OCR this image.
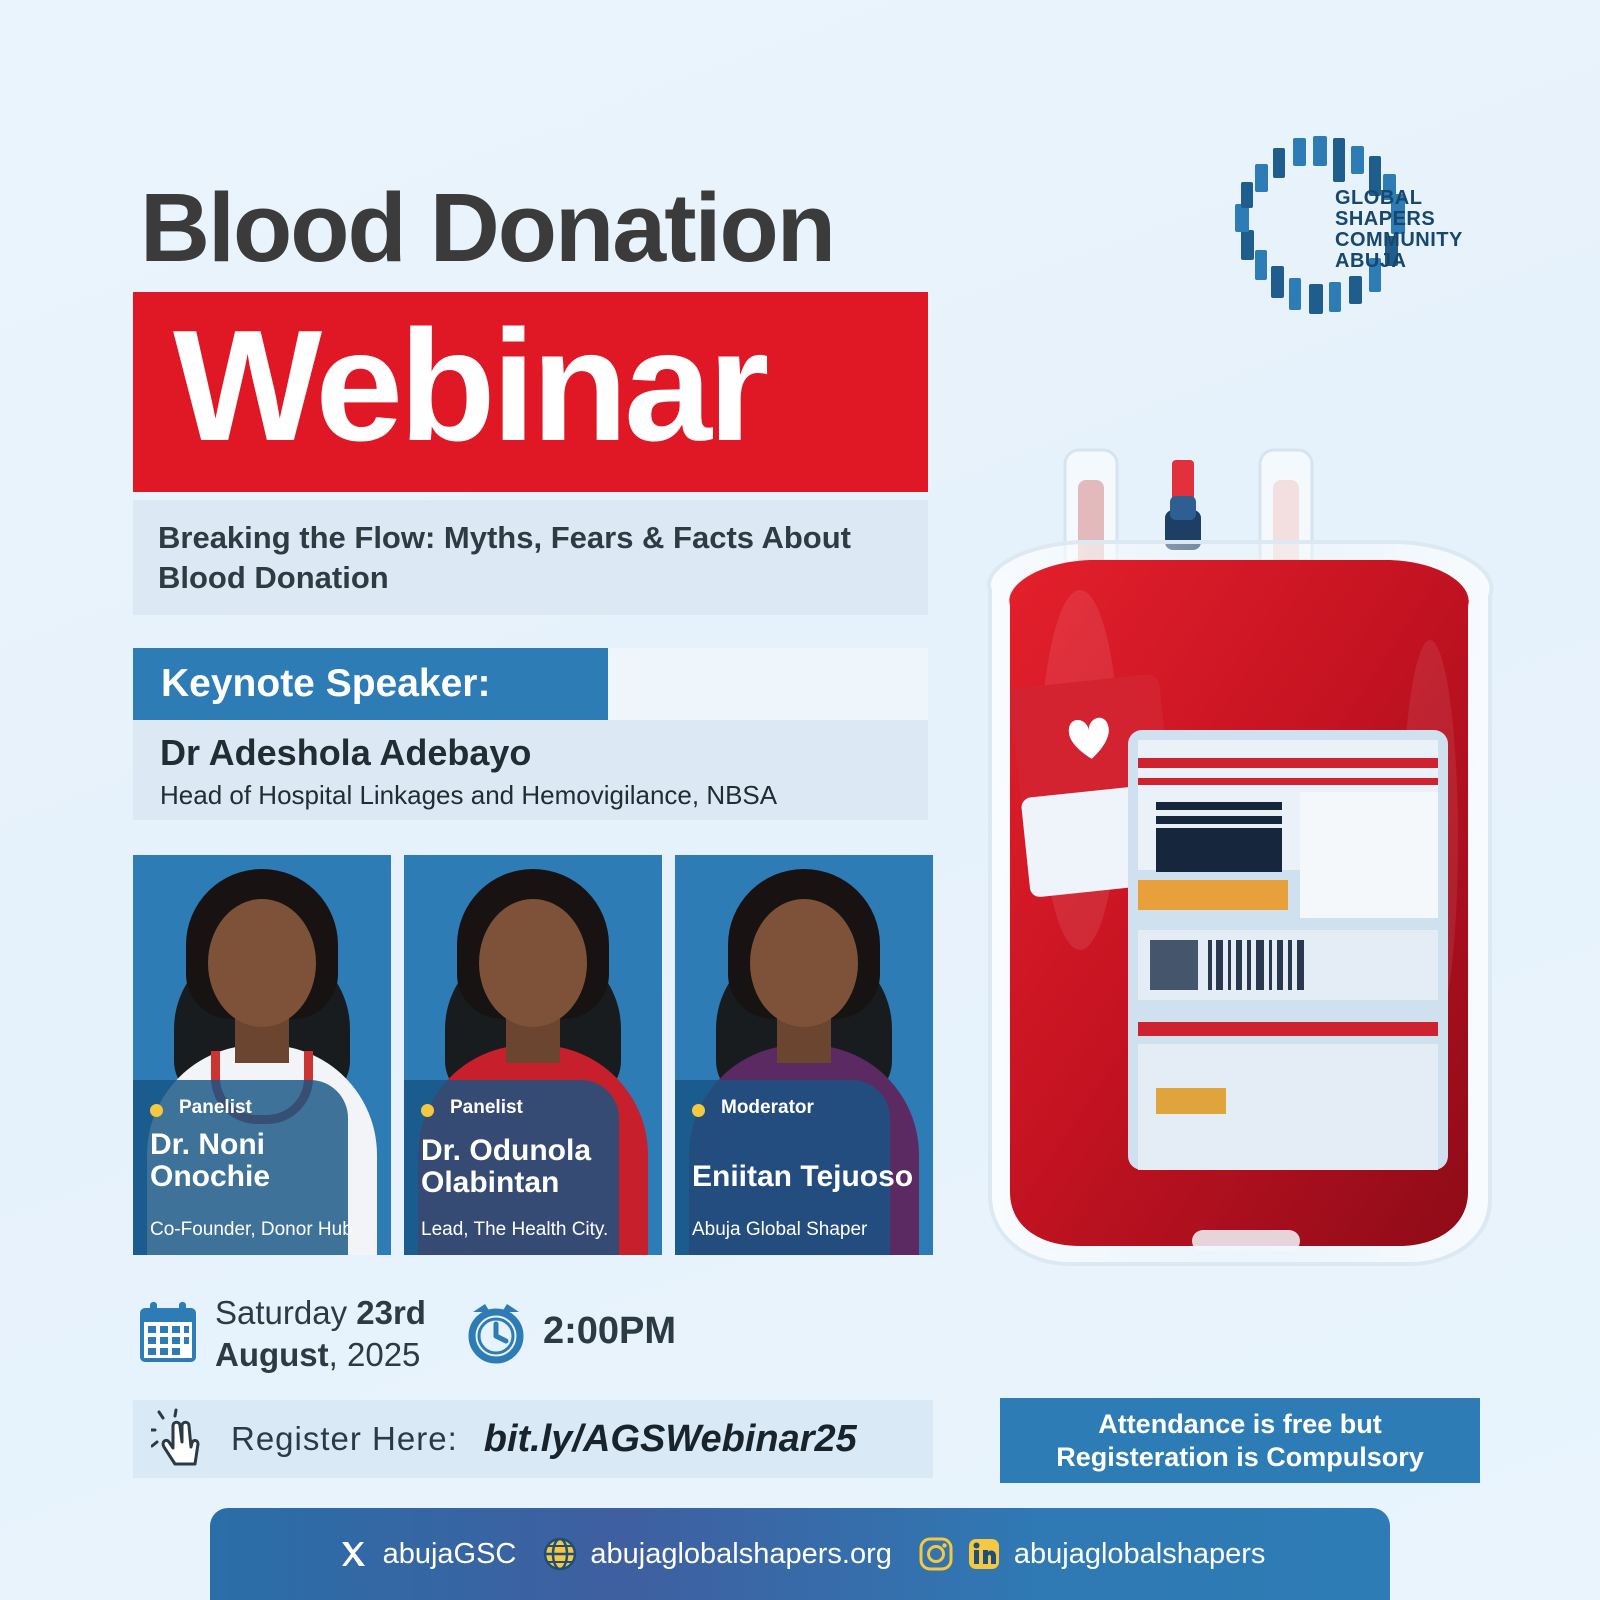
GLOBAL
SHAPERS
COMMUNITY
ABUJA
Blood Donation
Webinar

Breaking the Flow: Myths, Fears & Facts About Blood Donation

Keynote Speaker:
Dr Adeshola Adebayo
Head of Hospital Linkages and Hemovigilance, NBSA
Panelist
Dr. Noni Onochie
Co-Founder, Donor Hub
Panelist
Dr. Odunola Olabintan
Lead, The Health City.
Moderator
Eniitan Tejuoso
Abuja Global Shaper
Saturday 23rd
August, 2025
2:00PM
Register Here: bit.ly/AGSWebinar25	Attendance is free but
Registeration is Compulsory
abujaGSC	abujaglobalshapers.org	abujaglobalshapers
